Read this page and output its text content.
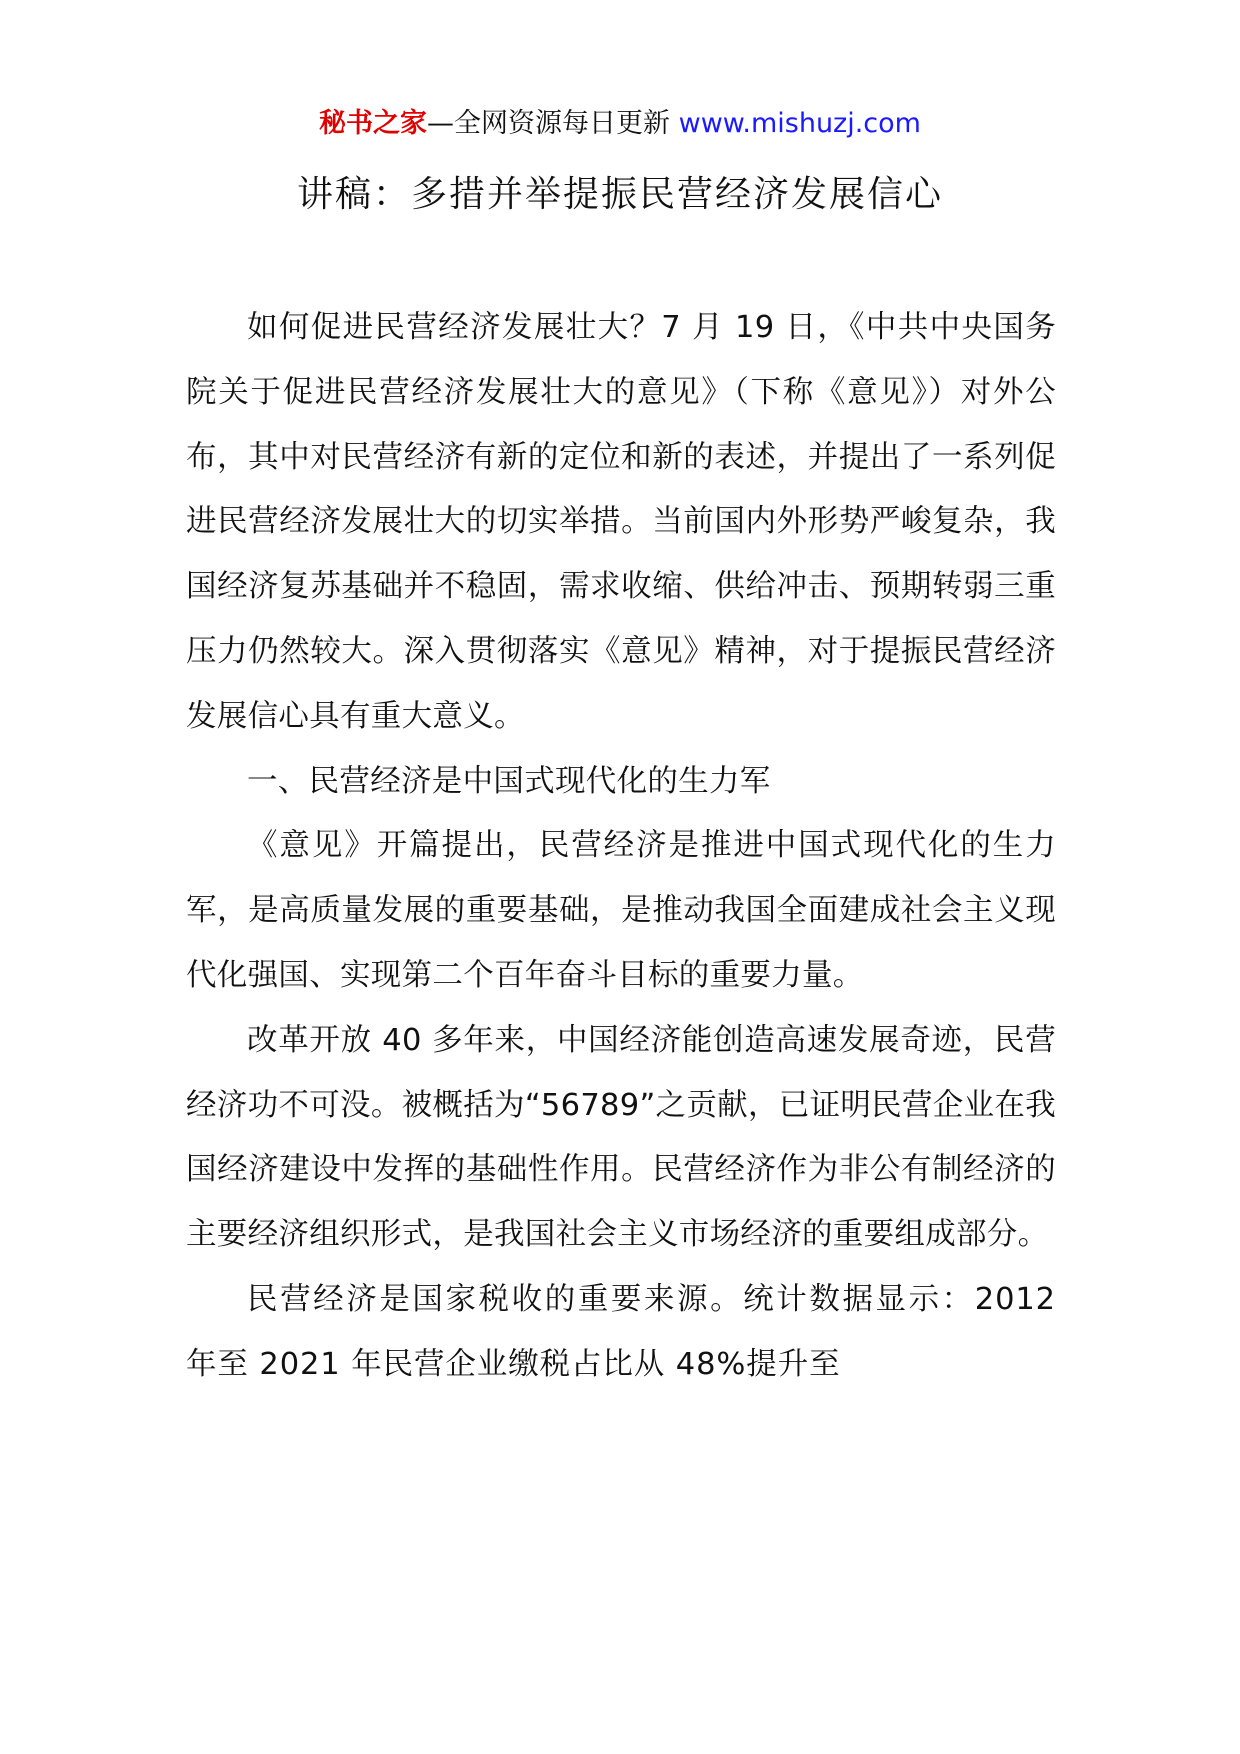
秘书之家—全网资源每日更新 www.mishuzj.com
讲稿：多措并举提振民营经济发展信心

如何促进民营经济发展壮大？7 月 19 日，《中共中央国务院关于促进民营经济发展壮大的意见》（下称《意见》）对外公布，其中对民营经济有新的定位和新的表述，并提出了一系列促进民营经济发展壮大的切实举措。当前国内外形势严峻复杂，我国经济复苏基础并不稳固，需求收缩、供给冲击、预期转弱三重压力仍然较大。深入贯彻落实《意见》精神，对于提振民营经济发展信心具有重大意义。

一、民营经济是中国式现代化的生力军

《意见》开篇提出，民营经济是推进中国式现代化的生力军，是高质量发展的重要基础，是推动我国全面建成社会主义现代化强国、实现第二个百年奋斗目标的重要力量。

改革开放 40 多年来，中国经济能创造高速发展奇迹，民营经济功不可没。被概括为“56789”之贡献，已证明民营企业在我国经济建设中发挥的基础性作用。民营经济作为非公有制经济的主要经济组织形式，是我国社会主义市场经济的重要组成部分。

民营经济是国家税收的重要来源。统计数据显示：2012 年至 2021 年民营企业缴税占比从 48%提升至
